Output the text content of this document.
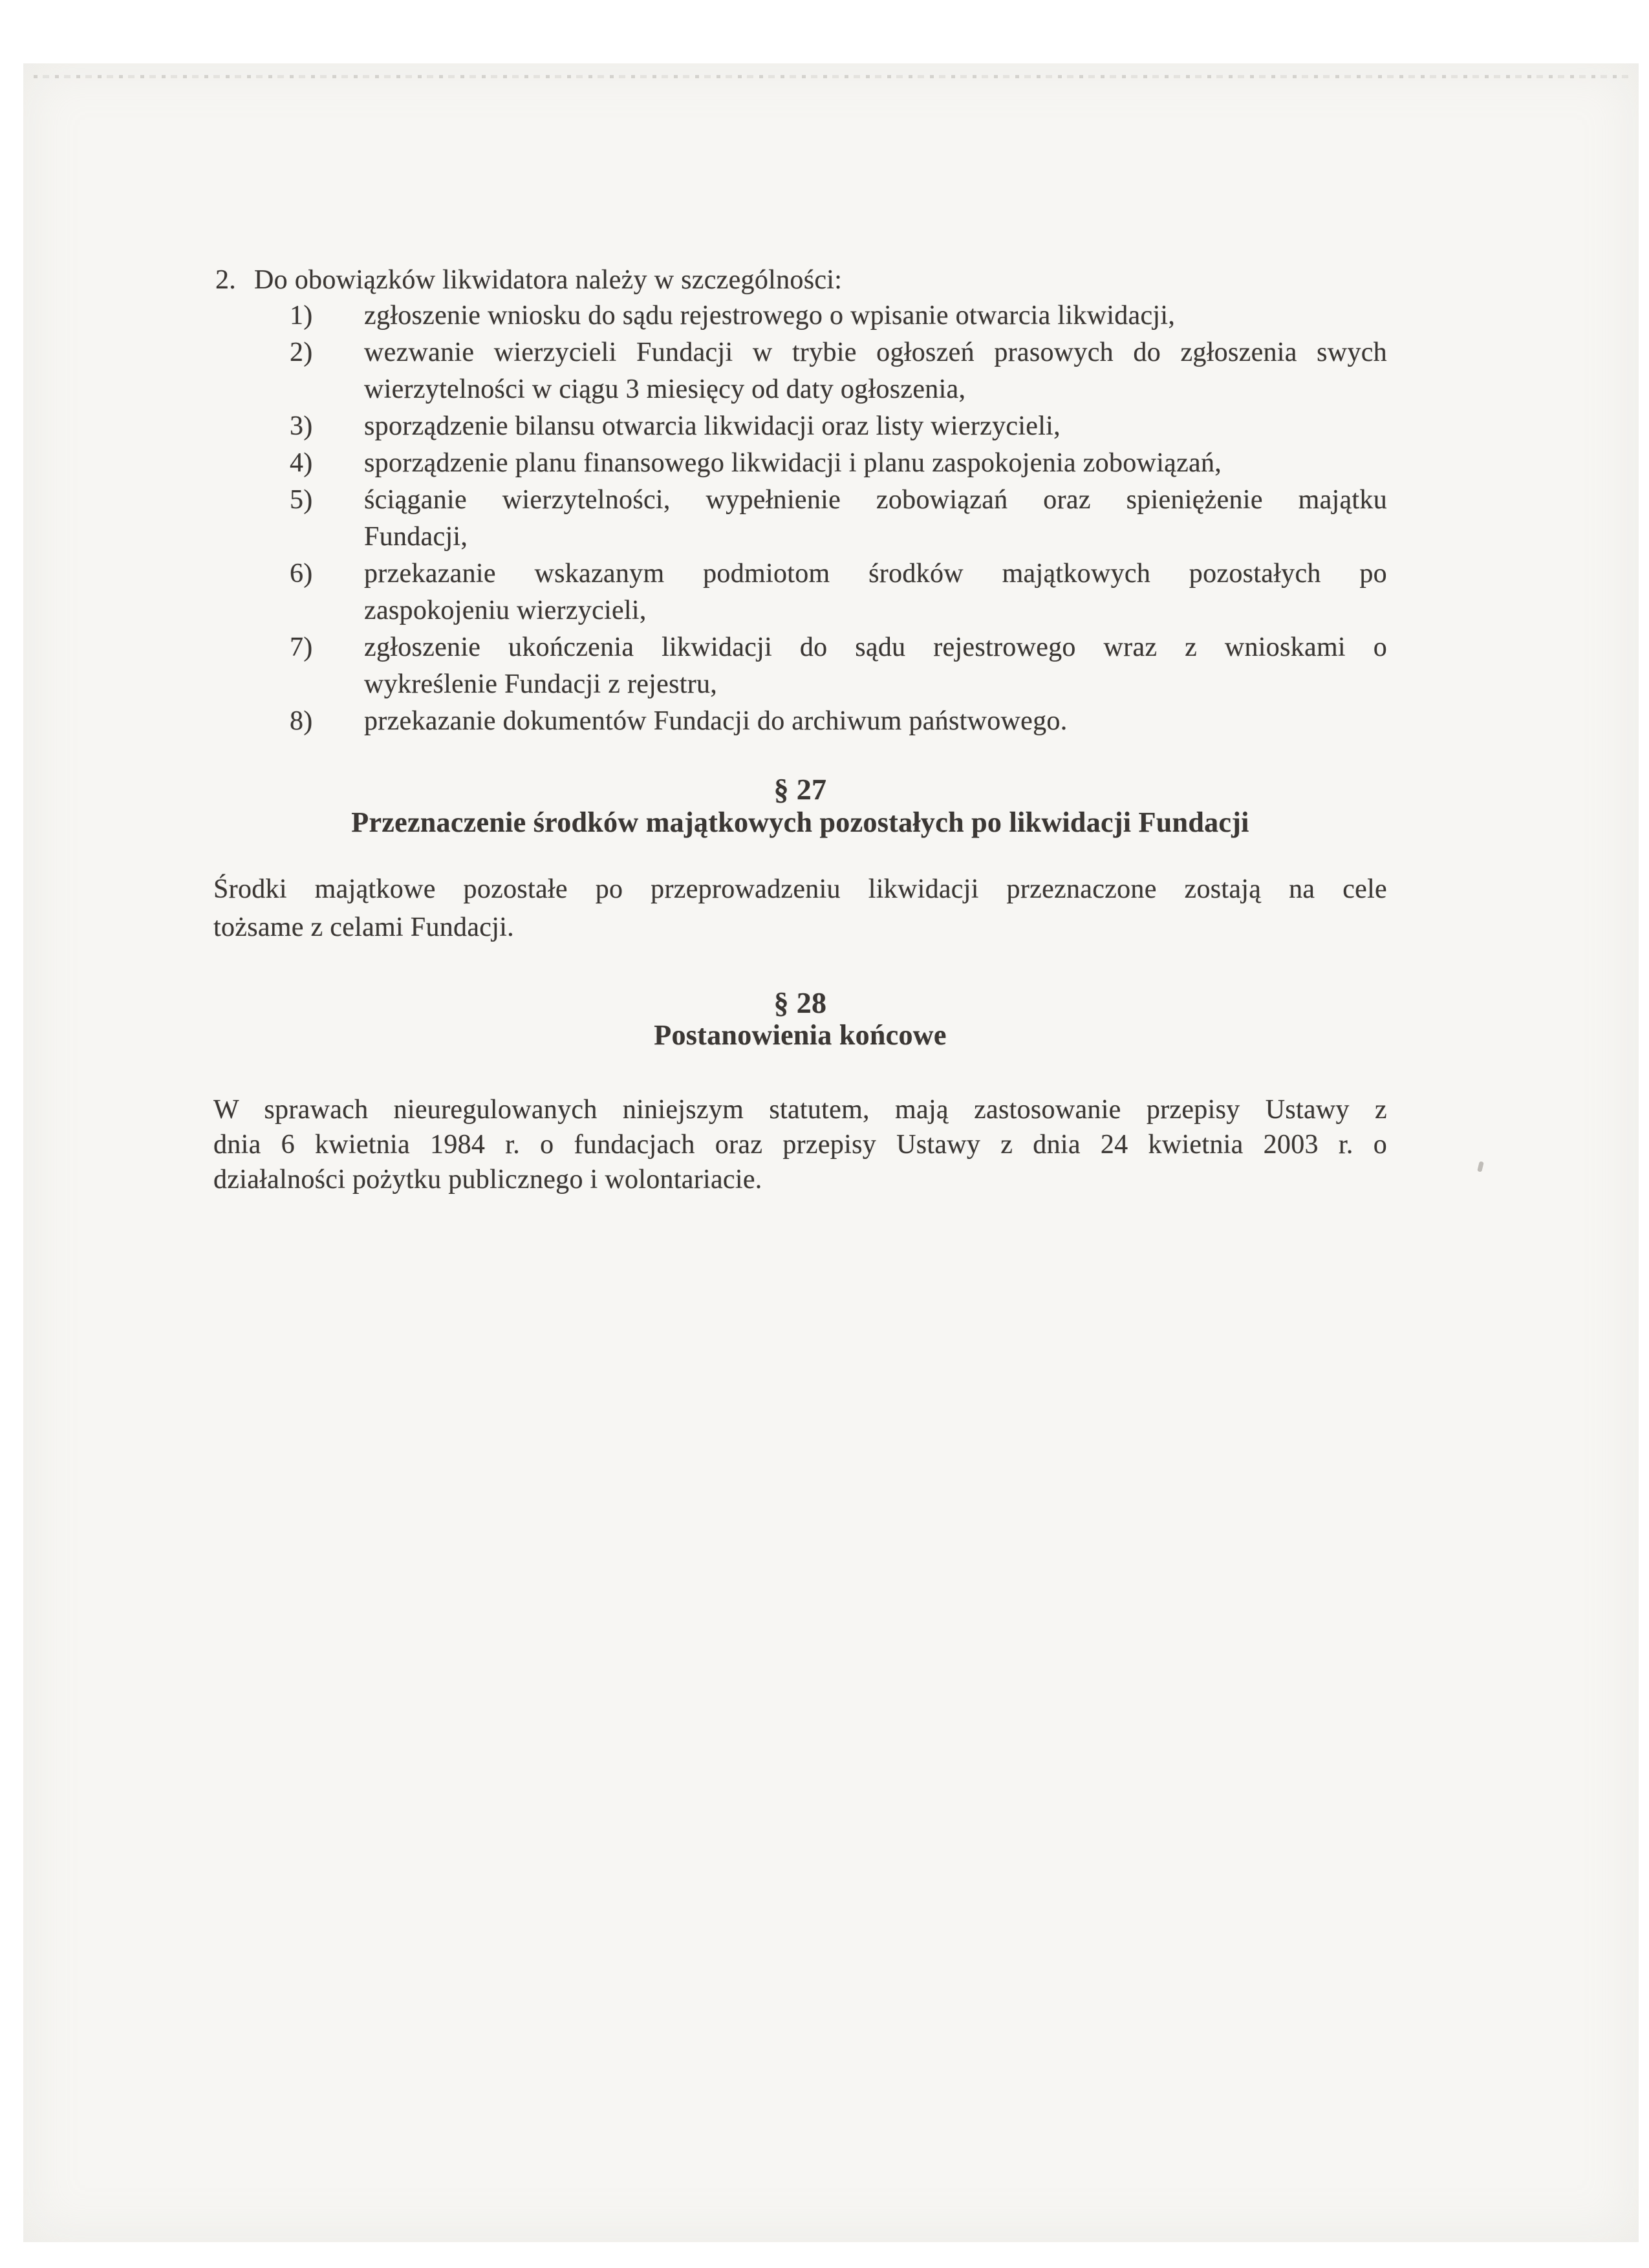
2. Do obowiązków likwidatora należy w szczególności:
1)	zgłoszenie wniosku do sądu rejestrowego o wpisanie otwarcia likwidacji,
2)	wezwanie wierzycieli Fundacji w trybie ogłoszeń prasowych do zgłoszenia swych
wierzytelności w ciągu 3 miesięcy od daty ogłoszenia,
3)	sporządzenie bilansu otwarcia likwidacji oraz listy wierzycieli,
4)	sporządzenie planu finansowego likwidacji i planu zaspokojenia zobowiązań,
5)	ściąganie wierzytelności, wypełnienie zobowiązań oraz spieniężenie majątku
Fundacji,
6)	przekazanie wskazanym podmiotom środków majątkowych pozostałych po
zaspokojeniu wierzycieli,
7)	zgłoszenie ukończenia likwidacji do sądu rejestrowego wraz z wnioskami o
wykreślenie Fundacji z rejestru,
8)	przekazanie dokumentów Fundacji do archiwum państwowego.
§ 27
Przeznaczenie środków majątkowych pozostałych po likwidacji Fundacji
Środki majątkowe pozostałe po przeprowadzeniu likwidacji przeznaczone zostają na cele
tożsame z celami Fundacji.
§ 28
Postanowienia końcowe
W sprawach nieuregulowanych niniejszym statutem, mają zastosowanie przepisy Ustawy z
dnia 6 kwietnia 1984 r. o fundacjach oraz przepisy Ustawy z dnia 24 kwietnia 2003 r. o
działalności pożytku publicznego i wolontariacie.
